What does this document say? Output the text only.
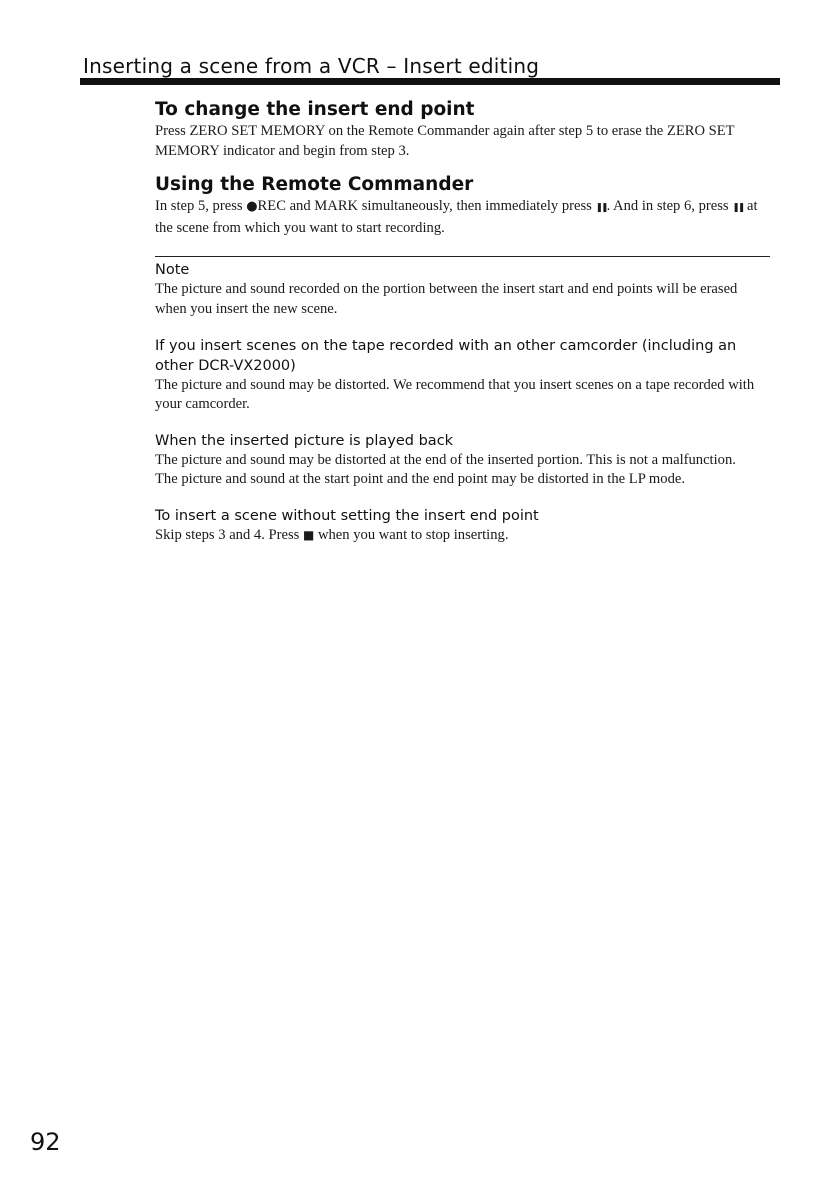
Inserting a scene from a VCR – Insert editing
To change the insert end point

Press ZERO SET MEMORY on the Remote Commander again after step 5 to erase the ZERO SET MEMORY indicator and begin from step 3.

Using the Remote Commander

In step 5, press ●REC and MARK simultaneously, then immediately press ❚❚. And in step 6, press ❚❚ at the scene from which you want to start recording.

Note

The picture and sound recorded on the portion between the insert start and end points will be erased when you insert the new scene.

If you insert scenes on the tape recorded with an other camcorder (including an other DCR-VX2000)

The picture and sound may be distorted. We recommend that you insert scenes on a tape recorded with your camcorder.

When the inserted picture is played back

The picture and sound may be distorted at the end of the inserted portion. This is not a malfunction.

The picture and sound at the start point and the end point may be distorted in the LP mode.

To insert a scene without setting the insert end point

Skip steps 3 and 4. Press ■ when you want to stop inserting.

92
